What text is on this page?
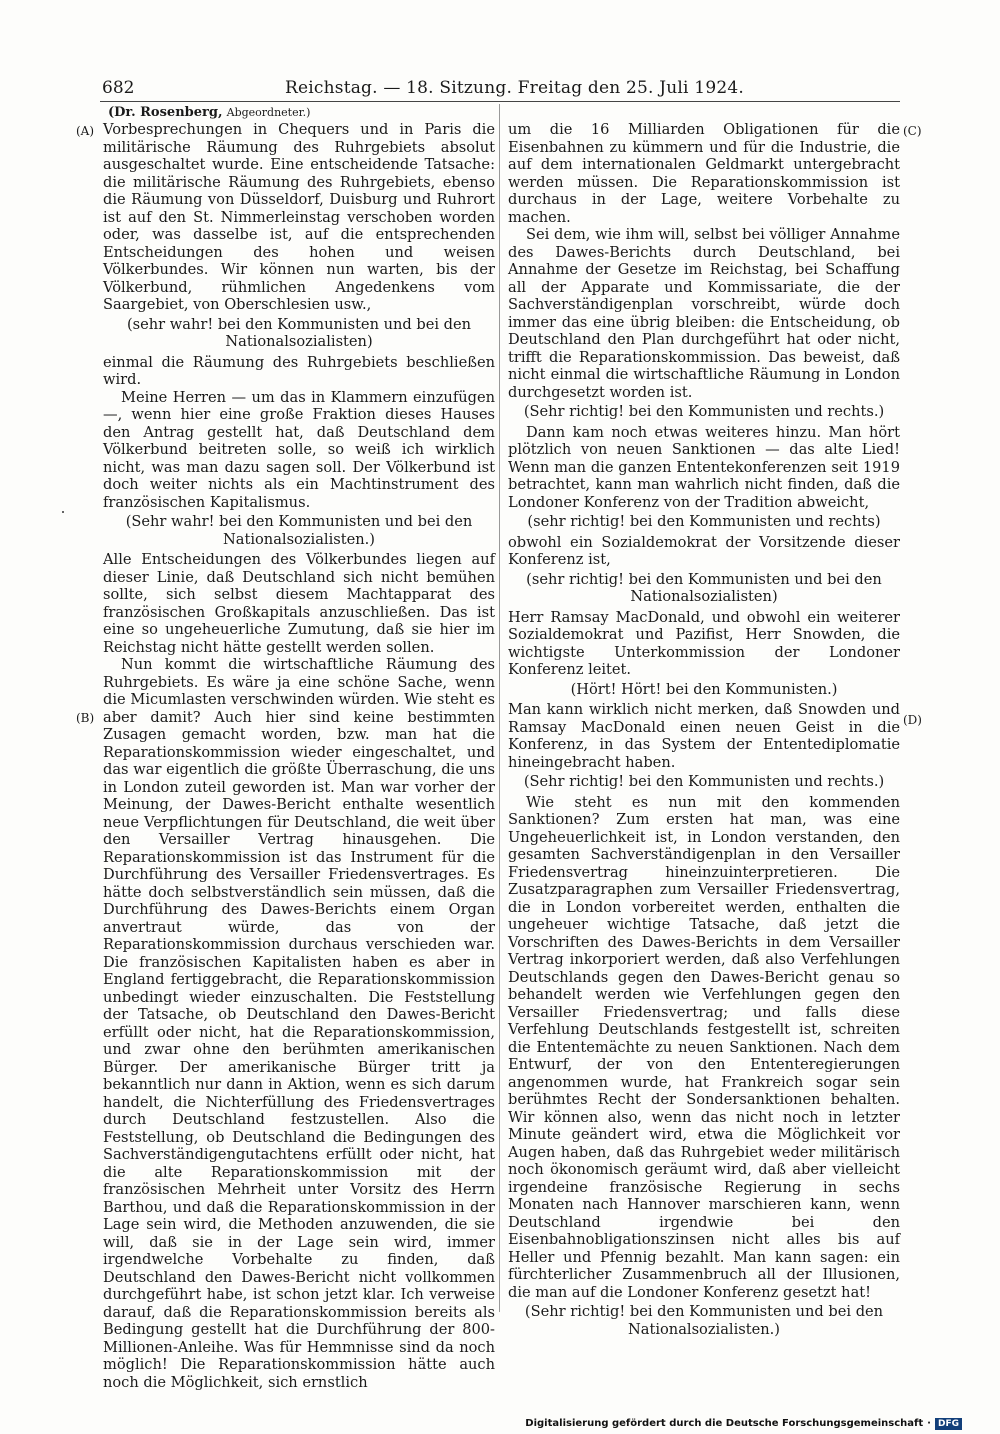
682	Reichstag. — 18. Sitzung. Freitag den 25. Juli 1924.
(Dr. Rosenberg, Abgeordneter.)
(A)
(B)
(C)
(D)

Vorbesprechungen in Chequers und in Paris die militärische Räumung des Ruhrgebiets absolut ausgeschaltet wurde. Eine entscheidende Tatsache: die militärische Räumung des Ruhrgebiets, ebenso die Räumung von Düsseldorf, Duisburg und Ruhrort ist auf den St. Nimmerleinstag verschoben worden oder, was dasselbe ist, auf die entsprechenden Entscheidungen des hohen und weisen Völkerbundes. Wir können nun warten, bis der Völkerbund, rühmlichen Angedenkens vom Saargebiet, von Oberschlesien usw.,

(sehr wahr! bei den Kommunisten und bei den Nationalsozialisten)

einmal die Räumung des Ruhrgebiets beschließen wird.

Meine Herren — um das in Klammern einzufügen —, wenn hier eine große Fraktion dieses Hauses den Antrag gestellt hat, daß Deutschland dem Völkerbund beitreten solle, so weiß ich wirklich nicht, was man dazu sagen soll. Der Völkerbund ist doch weiter nichts als ein Machtinstrument des französischen Kapitalismus.

(Sehr wahr! bei den Kommunisten und bei den Nationalsozialisten.)

Alle Entscheidungen des Völkerbundes liegen auf dieser Linie, daß Deutschland sich nicht bemühen sollte, sich selbst diesem Machtapparat des französischen Großkapitals anzuschließen. Das ist eine so ungeheuerliche Zumutung, daß sie hier im Reichstag nicht hätte gestellt werden sollen.

Nun kommt die wirtschaftliche Räumung des Ruhrgebiets. Es wäre ja eine schöne Sache, wenn die Micumlasten verschwinden würden. Wie steht es aber damit? Auch hier sind keine bestimmten Zusagen gemacht worden, bzw. man hat die Reparationskommission wieder eingeschaltet, und das war eigentlich die größte Überraschung, die uns in London zuteil geworden ist. Man war vorher der Meinung, der Dawes-Bericht enthalte wesentlich neue Verpflichtungen für Deutschland, die weit über den Versailler Vertrag hinausgehen. Die Reparationskommission ist das Instrument für die Durchführung des Versailler Friedensvertrages. Es hätte doch selbstverständlich sein müssen, daß die Durchführung des Dawes-Berichts einem Organ anvertraut würde, das von der Reparationskommission durchaus verschieden war. Die französischen Kapitalisten haben es aber in England fertiggebracht, die Reparationskommission unbedingt wieder einzuschalten. Die Feststellung der Tatsache, ob Deutschland den Dawes-Bericht erfüllt oder nicht, hat die Reparationskommission, und zwar ohne den berühmten amerikanischen Bürger. Der amerikanische Bürger tritt ja bekanntlich nur dann in Aktion, wenn es sich darum handelt, die Nichterfüllung des Friedensvertrages durch Deutschland festzustellen. Also die Feststellung, ob Deutschland die Bedingungen des Sachverständigengutachtens erfüllt oder nicht, hat die alte Reparationskommission mit der französischen Mehrheit unter Vorsitz des Herrn Barthou, und daß die Reparationskommission in der Lage sein wird, die Methoden anzuwenden, die sie will, daß sie in der Lage sein wird, immer irgendwelche Vorbehalte zu finden, daß Deutschland den Dawes-Bericht nicht vollkommen durchgeführt habe, ist schon jetzt klar. Ich verweise darauf, daß die Reparationskommission bereits als Bedingung gestellt hat die Durchführung der 800-Millionen-Anleihe. Was für Hemmnisse sind da noch möglich! Die Reparationskommission hätte auch noch die Möglichkeit, sich ernstlich

um die 16 Milliarden Obligationen für die Eisenbahnen zu kümmern und für die Industrie, die auf dem internationalen Geldmarkt untergebracht werden müssen. Die Reparationskommission ist durchaus in der Lage, weitere Vorbehalte zu machen.

Sei dem, wie ihm will, selbst bei völliger Annahme des Dawes-Berichts durch Deutschland, bei Annahme der Gesetze im Reichstag, bei Schaffung all der Apparate und Kommissariate, die der Sachverständigenplan vorschreibt, würde doch immer das eine übrig bleiben: die Entscheidung, ob Deutschland den Plan durchgeführt hat oder nicht, trifft die Reparationskommission. Das beweist, daß nicht einmal die wirtschaftliche Räumung in London durchgesetzt worden ist.

(Sehr richtig! bei den Kommunisten und rechts.)

Dann kam noch etwas weiteres hinzu. Man hört plötzlich von neuen Sanktionen — das alte Lied! Wenn man die ganzen Ententekonferenzen seit 1919 betrachtet, kann man wahrlich nicht finden, daß die Londoner Konferenz von der Tradition abweicht,

(sehr richtig! bei den Kommunisten und rechts)

obwohl ein Sozialdemokrat der Vorsitzende dieser Konferenz ist,

(sehr richtig! bei den Kommunisten und bei den Nationalsozialisten)

Herr Ramsay MacDonald, und obwohl ein weiterer Sozialdemokrat und Pazifist, Herr Snowden, die wichtigste Unterkommission der Londoner Konferenz leitet.

(Hört! Hört! bei den Kommunisten.)

Man kann wirklich nicht merken, daß Snowden und Ramsay MacDonald einen neuen Geist in die Konferenz, in das System der Ententediplomatie hineingebracht haben.

(Sehr richtig! bei den Kommunisten und rechts.)

Wie steht es nun mit den kommenden Sanktionen? Zum ersten hat man, was eine Ungeheuerlichkeit ist, in London verstanden, den gesamten Sachverständigenplan in den Versailler Friedensvertrag hineinzuinterpretieren. Die Zusatzparagraphen zum Versailler Friedensvertrag, die in London vorbereitet werden, enthalten die ungeheuer wichtige Tatsache, daß jetzt die Vorschriften des Dawes-Berichts in dem Versailler Vertrag inkorporiert werden, daß also Verfehlungen Deutschlands gegen den Dawes-Bericht genau so behandelt werden wie Verfehlungen gegen den Versailler Friedensvertrag; und falls diese Verfehlung Deutschlands festgestellt ist, schreiten die Ententemächte zu neuen Sanktionen. Nach dem Entwurf, der von den Ententeregierungen angenommen wurde, hat Frankreich sogar sein berühmtes Recht der Sondersanktionen behalten. Wir können also, wenn das nicht noch in letzter Minute geändert wird, etwa die Möglichkeit vor Augen haben, daß das Ruhrgebiet weder militärisch noch ökonomisch geräumt wird, daß aber vielleicht irgendeine französische Regierung in sechs Monaten nach Hannover marschieren kann, wenn Deutschland irgendwie bei den Eisenbahnobligationszinsen nicht alles bis auf Heller und Pfennig bezahlt. Man kann sagen: ein fürchterlicher Zusammenbruch all der Illusionen, die man auf die Londoner Konferenz gesetzt hat!

(Sehr richtig! bei den Kommunisten und bei den Nationalsozialisten.)

Digitalisierung gefördert durch die Deutsche Forschungsgemeinschaft · DFG
